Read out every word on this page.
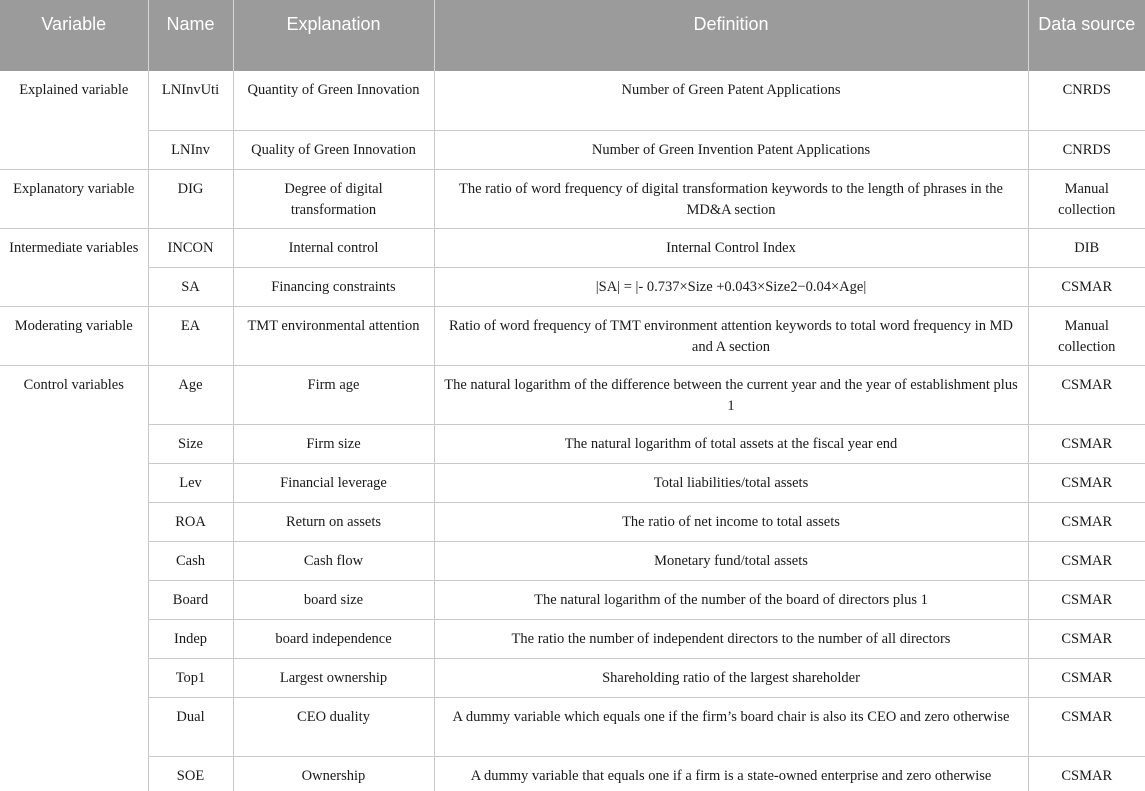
Variable	Name	Explanation	Definition	Data source
Explained variable	LNInvUti	Quantity of Green Innovation	Number of Green Patent Applications	CNRDS
	LNInv	Quality of Green Innovation	Number of Green Invention Patent Applications	CNRDS
Explanatory variable	DIG	Degree of digital transformation	The ratio of word frequency of digital transformation keywords to the length of phrases in the MD&A section	Manual collection
Intermediate variables	INCON	Internal control	Internal Control Index	DIB
	SA	Financing constraints	|SA| = |- 0.737×Size +0.043×Size2−0.04×Age|	CSMAR
Moderating variable	EA	TMT environmental attention	Ratio of word frequency of TMT environment attention keywords to total word frequency in MD and A section	Manual collection
Control variables	Age	Firm age	The natural logarithm of the difference between the current year and the year of establishment plus 1	CSMAR
	Size	Firm size	The natural logarithm of total assets at the fiscal year end	CSMAR
	Lev	Financial leverage	Total liabilities/total assets	CSMAR
	ROA	Return on assets	The ratio of net income to total assets	CSMAR
	Cash	Cash flow	Monetary fund/total assets	CSMAR
	Board	board size	The natural logarithm of the number of the board of directors plus 1	CSMAR
	Indep	board independence	The ratio the number of independent directors to the number of all directors	CSMAR
	Top1	Largest ownership	Shareholding ratio of the largest shareholder	CSMAR
	Dual	CEO duality	A dummy variable which equals one if the firm’s board chair is also its CEO and zero otherwise	CSMAR
	SOE	Ownership	A dummy variable that equals one if a firm is a state-owned enterprise and zero otherwise	CSMAR
